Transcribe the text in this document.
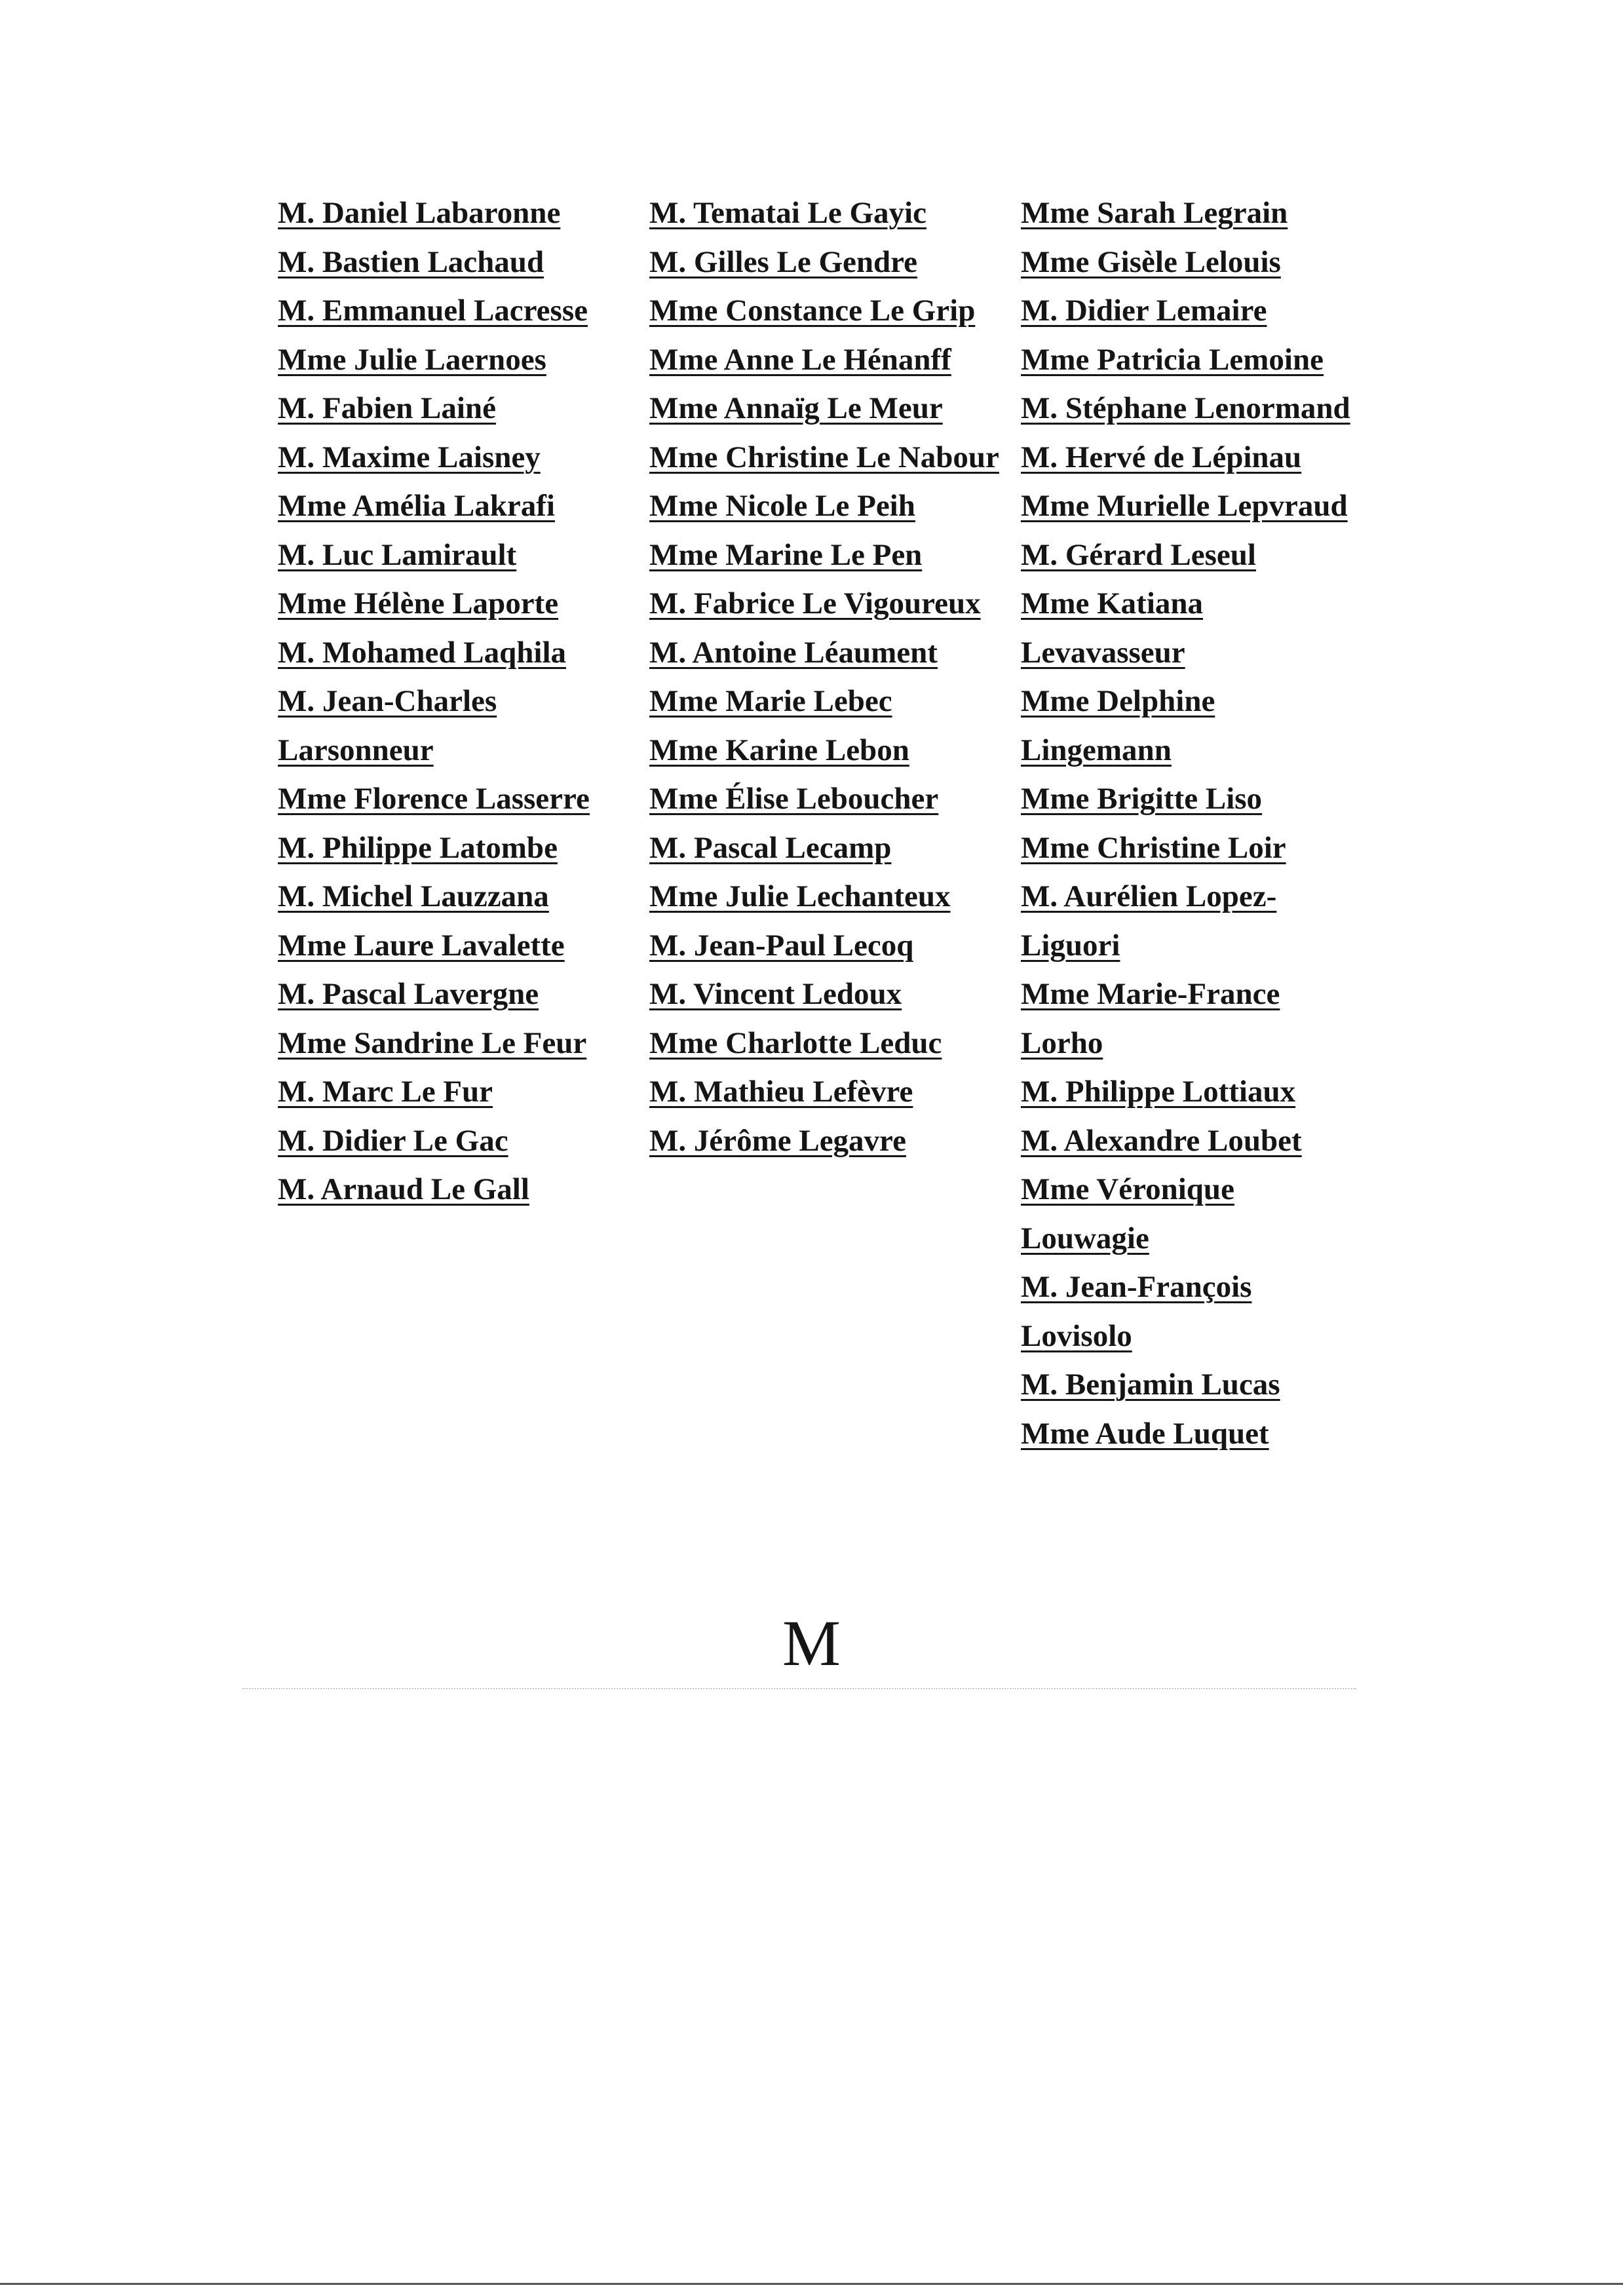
M. Daniel Labaronne
M. Bastien Lachaud
M. Emmanuel Lacresse
Mme Julie Laernoes
M. Fabien Lainé
M. Maxime Laisney
Mme Amélia Lakrafi
M. Luc Lamirault
Mme Hélène Laporte
M. Mohamed Laqhila
M. Jean-Charles Larsonneur
Mme Florence Lasserre
M. Philippe Latombe
M. Michel Lauzzana
Mme Laure Lavalette
M. Pascal Lavergne
Mme Sandrine Le Feur
M. Marc Le Fur
M. Didier Le Gac
M. Arnaud Le Gall
M. Tematai Le Gayic
M. Gilles Le Gendre
Mme Constance Le Grip
Mme Anne Le Hénanff
Mme Annaïg Le Meur
Mme Christine Le Nabour
Mme Nicole Le Peih
Mme Marine Le Pen
M. Fabrice Le Vigoureux
M. Antoine Léaument
Mme Marie Lebec
Mme Karine Lebon
Mme Élise Leboucher
M. Pascal Lecamp
Mme Julie Lechanteux
M. Jean-Paul Lecoq
M. Vincent Ledoux
Mme Charlotte Leduc
M. Mathieu Lefèvre
M. Jérôme Legavre
Mme Sarah Legrain
Mme Gisèle Lelouis
M. Didier Lemaire
Mme Patricia Lemoine
M. Stéphane Lenormand
M. Hervé de Lépinau
Mme Murielle Lepvraud
M. Gérard Leseul
Mme Katiana Levavasseur
Mme Delphine Lingemann
Mme Brigitte Liso
Mme Christine Loir
M. Aurélien Lopez-Liguori
Mme Marie-France Lorho
M. Philippe Lottiaux
M. Alexandre Loubet
Mme Véronique Louwagie
M. Jean-François Lovisolo
M. Benjamin Lucas
Mme Aude Luquet
M
